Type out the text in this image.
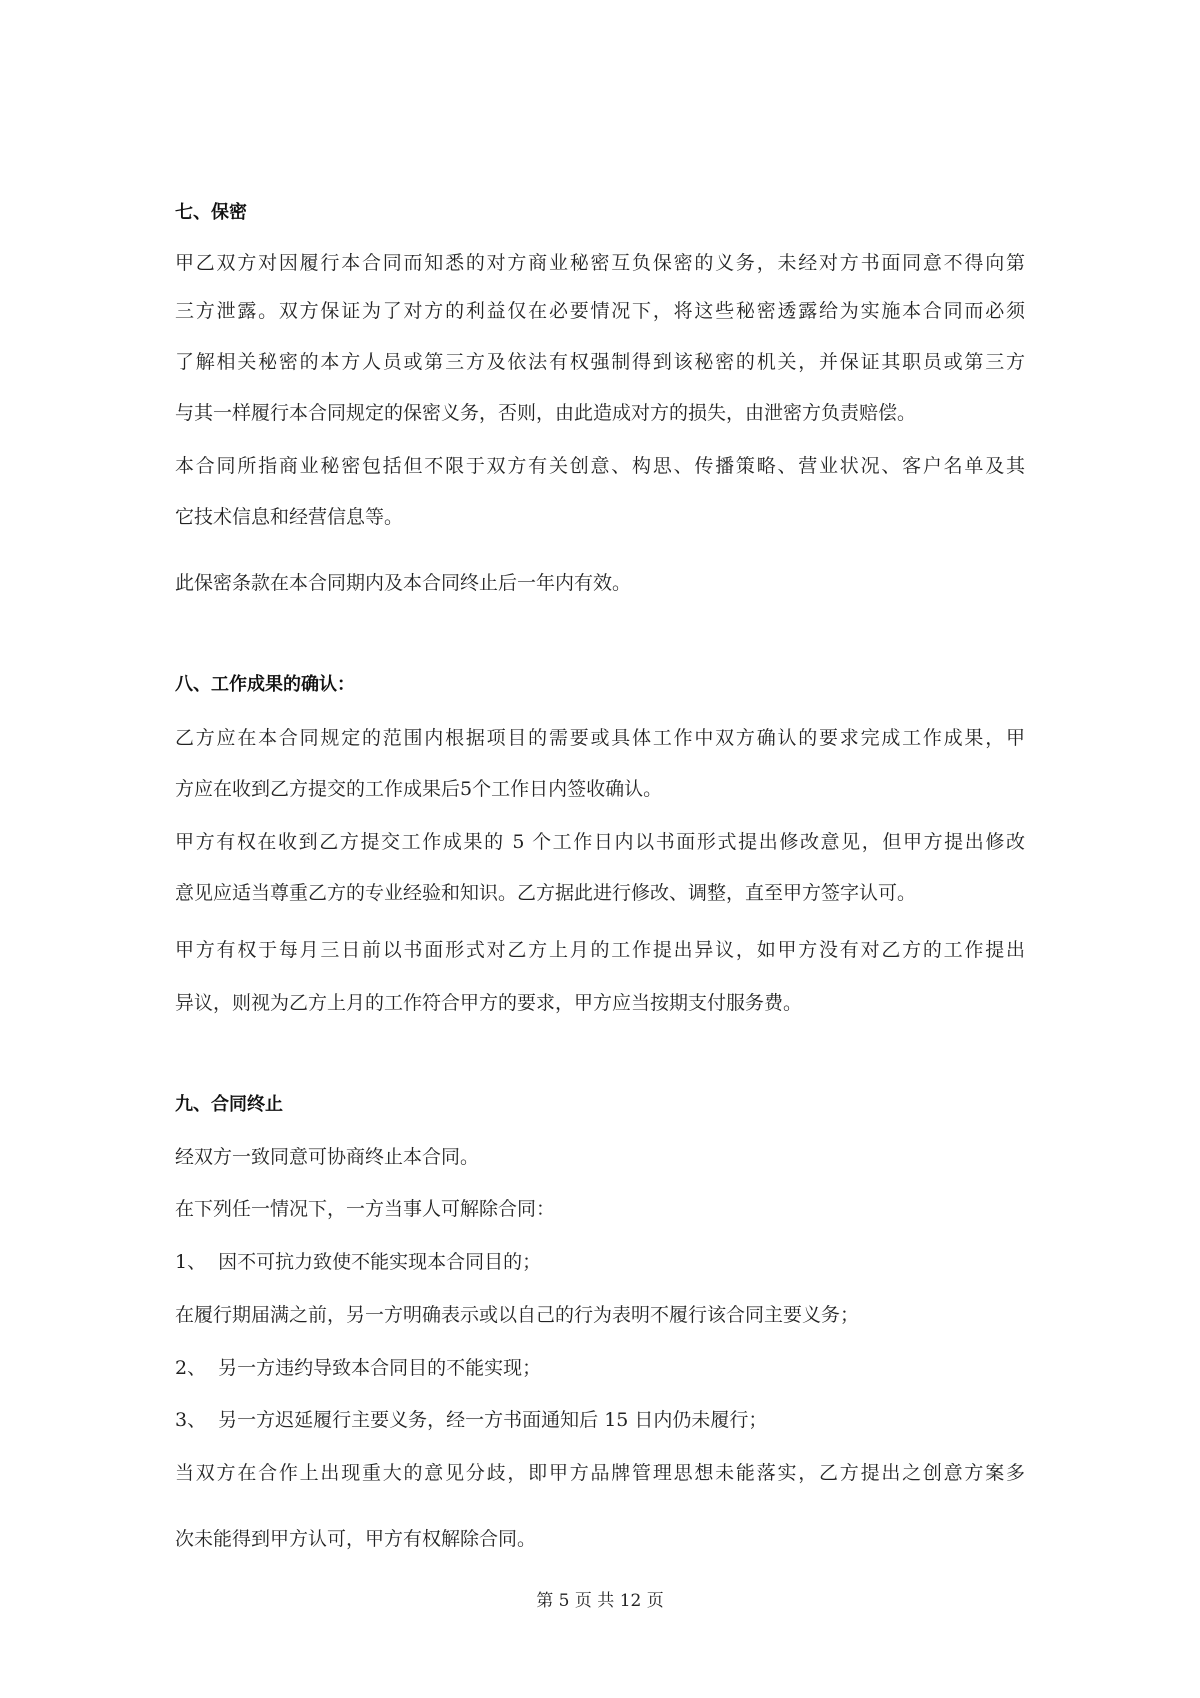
七、保密
甲乙双方对因履行本合同而知悉的对方商业秘密互负保密的义务，未经对方书面同意不得向第
三方泄露。双方保证为了对方的利益仅在必要情况下，将这些秘密透露给为实施本合同而必须
了解相关秘密的本方人员或第三方及依法有权强制得到该秘密的机关，并保证其职员或第三方
与其一样履行本合同规定的保密义务，否则，由此造成对方的损失，由泄密方负责赔偿。
本合同所指商业秘密包括但不限于双方有关创意、构思、传播策略、营业状况、客户名单及其
它技术信息和经营信息等。
此保密条款在本合同期内及本合同终止后一年内有效。
八、工作成果的确认：
乙方应在本合同规定的范围内根据项目的需要或具体工作中双方确认的要求完成工作成果，甲
方应在收到乙方提交的工作成果后5个工作日内签收确认。
甲方有权在收到乙方提交工作成果的 5 个工作日内以书面形式提出修改意见，但甲方提出修改
意见应适当尊重乙方的专业经验和知识。乙方据此进行修改、调整，直至甲方签字认可。
甲方有权于每月三日前以书面形式对乙方上月的工作提出异议，如甲方没有对乙方的工作提出
异议，则视为乙方上月的工作符合甲方的要求，甲方应当按期支付服务费。
九、合同终止
经双方一致同意可协商终止本合同。
在下列任一情况下，一方当事人可解除合同：
1、  因不可抗力致使不能实现本合同目的；
在履行期届满之前，另一方明确表示或以自己的行为表明不履行该合同主要义务；
2、  另一方违约导致本合同目的不能实现；
3、  另一方迟延履行主要义务，经一方书面通知后 15 日内仍未履行；
当双方在合作上出现重大的意见分歧，即甲方品牌管理思想未能落实，乙方提出之创意方案多
次未能得到甲方认可，甲方有权解除合同。
第 5 页 共 12 页
